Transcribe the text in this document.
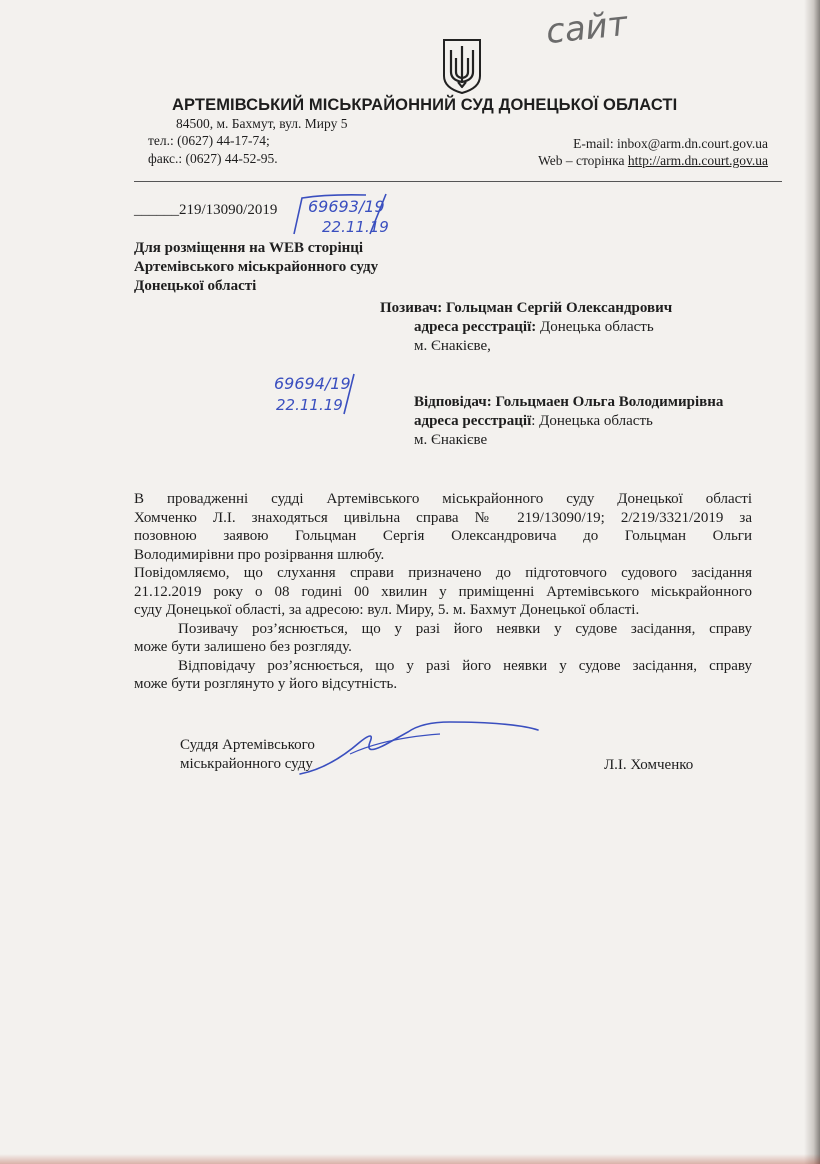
сайт
АРТЕМІВСЬКИЙ МІСЬКРАЙОННИЙ СУД ДОНЕЦЬКОЇ ОБЛАСТІ
84500, м. Бахмут, вул. Миру 5
тел.: (0627) 44-17-74;
факс.: (0627) 44-52-95.
E-mail: inbox@arm.dn.court.gov.ua
Web – сторінка http://arm.dn.court.gov.ua
______219/13090/2019 69693/19
22.11.19
Для розміщення на WEB сторінці
Артемівського міськрайонного суду
Донецької області
Позивач: Гольцман Сергій Олександрович
адреса ресстрації: Донецька область
м. Єнакієве,
69694/19
22.11.19	Відповідач: Гольцмаен Ольга Володимирівна
адреса ресстрації: Донецька область
м. Єнакієве
В провадженні судді Артемівського міськрайонного суду Донецької області
Хомченко Л.І. знаходяться цивільна справа № 219/13090/19; 2/219/3321/2019 за
позовною заявою Гольцман Сергія Олександровича до Гольцман Ольги
Володимирівни про розірвання шлюбу.
Повідомляємо, що слухання справи призначено до підготовчого судового засідання
21.12.2019 року о 08 годині 00 хвилин у приміщенні Артемівського міськрайонного
суду Донецької області, за адресою: вул. Миру, 5. м. Бахмут Донецької області.
Позивачу роз’яснюється, що у разі його неявки у судове засідання, справу
може бути залишено без розгляду.
Відповідачу роз’яснюється, що у разі його неявки у судове засідання, справу
може бути розглянуто у його відсутність.
Суддя Артемівського
міськрайонного суду	Л.І. Хомченко
